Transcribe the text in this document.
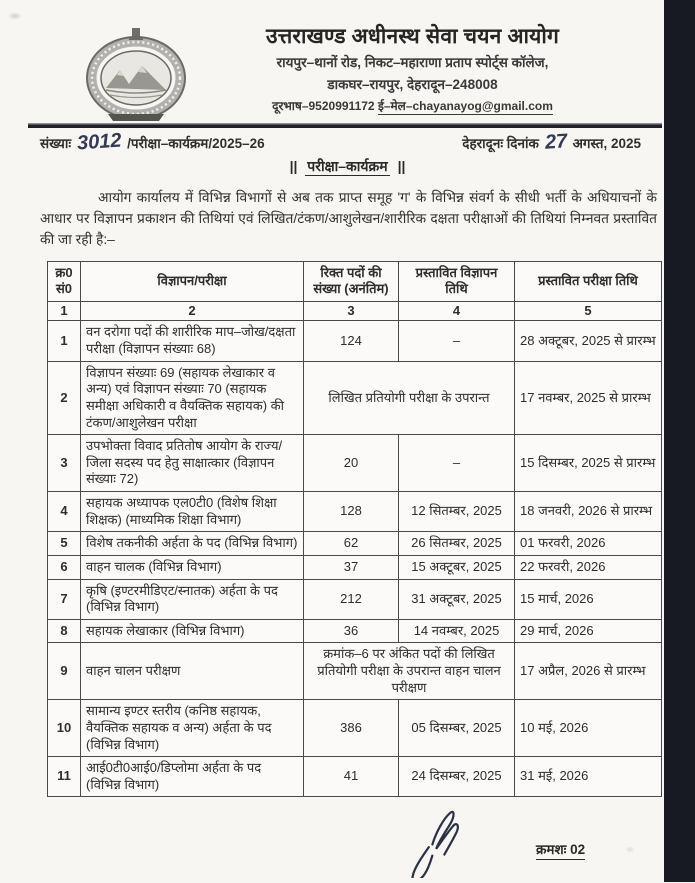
उत्तराखण्ड अधीनस्थ सेवा चयन आयोग
रायपुर–थानों रोड, निकट–महाराणा प्रताप स्पोर्ट्स कॉलेज,
डाकघर–रायपुर, देहरादून–248008
दूरभाष–9520991172 ई–मेल–chayanayog@gmail.com
संख्याः 3012 /परीक्षा–कार्यक्रम/2025–26	देहरादूनः दिनांक 27 अगस्त, 2025
|| परीक्षा–कार्यक्रम ||

आयोग कार्यालय में विभिन्न विभागों से अब तक प्राप्त समूह 'ग' के विभिन्न संवर्ग के सीधी भर्ती के अधियाचनों के आधार पर विज्ञापन प्रकाशन की तिथियां एवं लिखित/टंकण/आशुलेखन/शारीरिक दक्षता परीक्षाओं की तिथियां निम्नवत प्रस्तावित की जा रही है:–

क्र0 सं0	विज्ञापन/परीक्षा	रिक्त पदों की संख्या (अनंतिम)	प्रस्तावित विज्ञापन तिथि	प्रस्तावित परीक्षा तिथि
1	2	3	4	5
1	वन दरोगा पदों की शारीरिक माप–जोख/दक्षता परीक्षा (विज्ञापन संख्याः 68)	124	–	28 अक्टूबर, 2025 से प्रारम्भ
2	विज्ञापन संख्याः 69 (सहायक लेखाकार व अन्य) एवं विज्ञापन संख्याः 70 (सहायक समीक्षा अधिकारी व वैयक्तिक सहायक) की टंकण/आशुलेखन परीक्षा	लिखित प्रतियोगी परीक्षा के उपरान्त		17 नवम्बर, 2025 से प्रारम्भ
3	उपभोक्ता विवाद प्रतितोष आयोग के राज्य/जिला सदस्य पद हेतु साक्षात्कार (विज्ञापन संख्याः 72)	20	–	15 दिसम्बर, 2025 से प्रारम्भ
4	सहायक अध्यापक एल0टी0 (विशेष शिक्षा शिक्षक) (माध्यमिक शिक्षा विभाग)	128	12 सितम्बर, 2025	18 जनवरी, 2026 से प्रारम्भ
5	विशेष तकनीकी अर्हता के पद (विभिन्न विभाग)	62	26 सितम्बर, 2025	01 फरवरी, 2026
6	वाहन चालक (विभिन्न विभाग)	37	15 अक्टूबर, 2025	22 फरवरी, 2026
7	कृषि (इण्टरमीडिएट/स्नातक) अर्हता के पद (विभिन्न विभाग)	212	31 अक्टूबर, 2025	15 मार्च, 2026
8	सहायक लेखाकार (विभिन्न विभाग)	36	14 नवम्बर, 2025	29 मार्च, 2026
9	वाहन चालन परीक्षण	क्रमांक–6 पर अंकित पदों की लिखित प्रतियोगी परीक्षा के उपरान्त वाहन चालन परीक्षण		17 अप्रैल, 2026 से प्रारम्भ
10	सामान्य इण्टर स्तरीय (कनिष्ठ सहायक, वैयक्तिक सहायक व अन्य) अर्हता के पद (विभिन्न विभाग)	386	05 दिसम्बर, 2025	10 मई, 2026
11	आई0टी0आई0/डिप्लोमा अर्हता के पद (विभिन्न विभाग)	41	24 दिसम्बर, 2025	31 मई, 2026
क्रमशः 02
